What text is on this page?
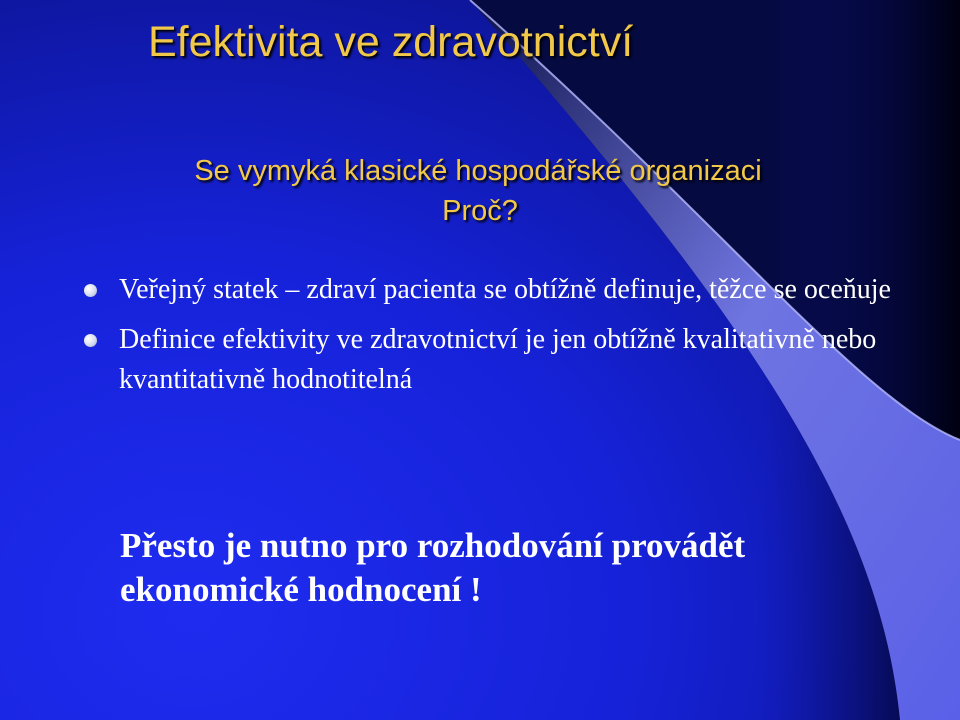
Efektivita ve zdravotnictví
Se vymyká klasické hospodářské organizaci
Proč?
Veřejný statek – zdraví pacienta se obtížně definuje, těžce se oceňuje
Definice efektivity ve zdravotnictví je jen obtížně kvalitativně nebo kvantitativně hodnotitelná

Přesto je nutno pro rozhodování provádět ekonomické hodnocení !
